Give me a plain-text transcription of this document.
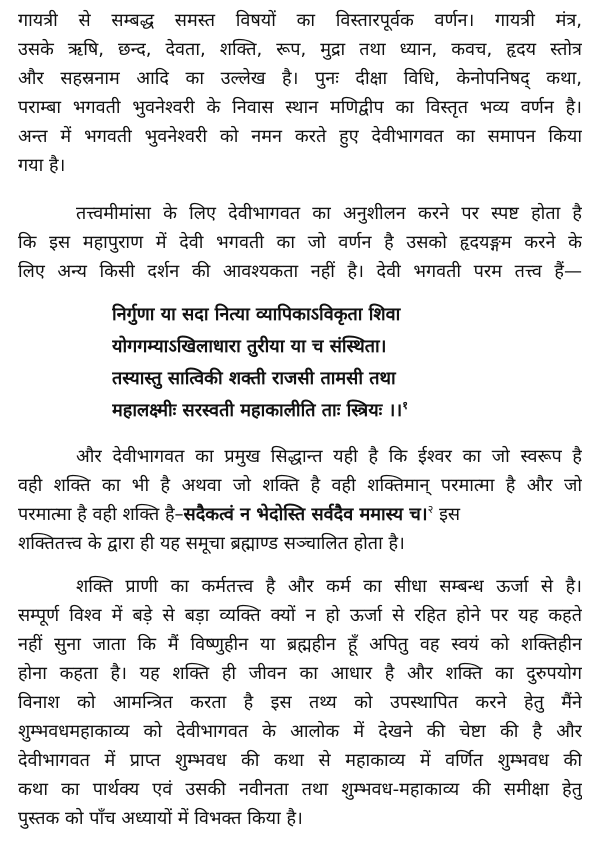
गायत्री से सम्बद्ध समस्त विषयों का विस्तारपूर्वक वर्णन। गायत्री मंत्र,
उसके ऋषि, छन्द, देवता, शक्ति, रूप, मुद्रा तथा ध्यान, कवच, हृदय स्तोत्र
और सहस्रनाम आदि का उल्लेख है। पुनः दीक्षा विधि, केनोपनिषद् कथा,
पराम्बा भगवती भुवनेश्वरी के निवास स्थान मणिद्वीप का विस्तृत भव्य वर्णन है।
अन्त में भगवती भुवनेश्वरी को नमन करते हुए देवीभागवत का समापन किया
गया है।
तत्त्वमीमांसा के लिए देवीभागवत का अनुशीलन करने पर स्पष्ट होता है
कि इस महापुराण में देवी भगवती का जो वर्णन है उसको हृदयङ्गम करने के
लिए अन्य किसी दर्शन की आवश्यकता नहीं है। देवी भगवती परम तत्त्व हैं—
निर्गुणा या सदा नित्या व्यापिकाऽविकृता शिवा
योगगम्याऽखिलाधारा तुरीया या च संस्थिता।
तस्यास्तु सात्विकी शक्ती राजसी तामसी तथा
महालक्ष्मीः सरस्वती महाकालीति ताः स्त्रियः ।।$^१$
और देवीभागवत का प्रमुख सिद्धान्त यही है कि ईश्वर का जो स्वरूप है
वही शक्ति का भी है अथवा जो शक्ति है वही शक्तिमान् परमात्मा है और जो
परमात्मा है वही शक्ति है–सदैकत्वं न भेदोस्ति सर्वदैव ममास्य च।$^२$ इस
शक्तितत्त्व के द्वारा ही यह समूचा ब्रह्माण्ड सञ्चालित होता है।
शक्ति प्राणी का कर्मतत्त्व है और कर्म का सीधा सम्बन्ध ऊर्जा से है।
सम्पूर्ण विश्व में बड़े से बड़ा व्यक्ति क्यों न हो ऊर्जा से रहित होने पर यह कहते
नहीं सुना जाता कि मैं विष्णुहीन या ब्रह्महीन हूँ अपितु वह स्वयं को शक्तिहीन
होना कहता है। यह शक्ति ही जीवन का आधार है और शक्ति का दुरुपयोग
विनाश को आमन्त्रित करता है इस तथ्य को उपस्थापित करने हेतु मैंने
शुम्भवधमहाकाव्य को देवीभागवत के आलोक में देखने की चेष्टा की है और
देवीभागवत में प्राप्त शुम्भवध की कथा से महाकाव्य में वर्णित शुम्भवध की
कथा का पार्थक्य एवं उसकी नवीनता तथा शुम्भवध-महाकाव्य की समीक्षा हेतु
पुस्तक को पाँच अध्यायों में विभक्त किया है।
